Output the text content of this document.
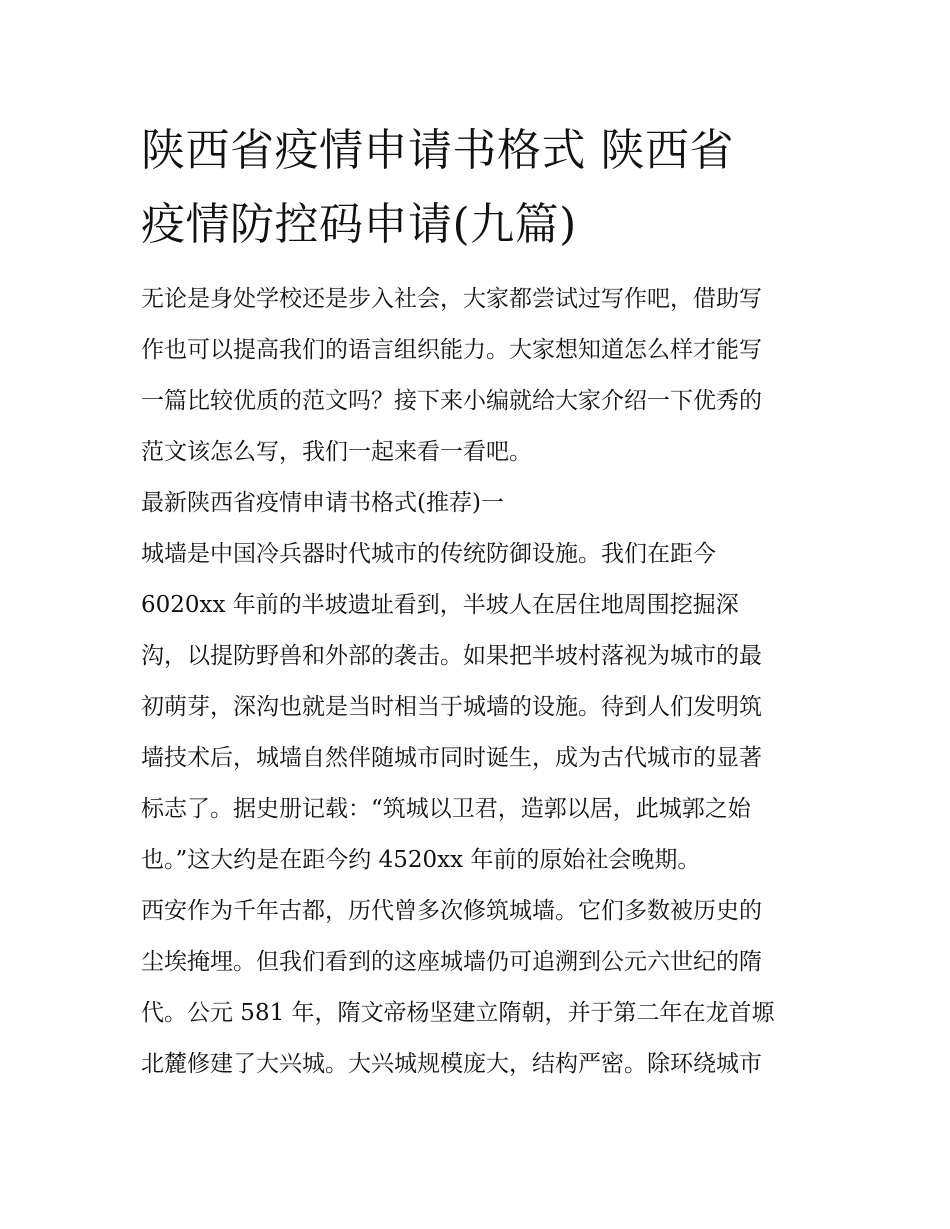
陕西省疫情申请书格式 陕西省
疫情防控码申请(九篇)
无论是身处学校还是步入社会，大家都尝试过写作吧，借助写
作也可以提高我们的语言组织能力。大家想知道怎么样才能写
一篇比较优质的范文吗？接下来小编就给大家介绍一下优秀的
范文该怎么写，我们一起来看一看吧。
最新陕西省疫情申请书格式(推荐)一
城墙是中国冷兵器时代城市的传统防御设施。我们在距今
6020xx 年前的半坡遗址看到，半坡人在居住地周围挖掘深
沟，以提防野兽和外部的袭击。如果把半坡村落视为城市的最
初萌芽，深沟也就是当时相当于城墙的设施。待到人们发明筑
墙技术后，城墙自然伴随城市同时诞生，成为古代城市的显著
标志了。据史册记载：“筑城以卫君，造郭以居，此城郭之始
也。”这大约是在距今约 4520xx 年前的原始社会晚期。
西安作为千年古都，历代曾多次修筑城墙。它们多数被历史的
尘埃掩埋。但我们看到的这座城墙仍可追溯到公元六世纪的隋
代。公元 581 年，隋文帝杨坚建立隋朝，并于第二年在龙首塬
北麓修建了大兴城。大兴城规模庞大，结构严密。除环绕城市
